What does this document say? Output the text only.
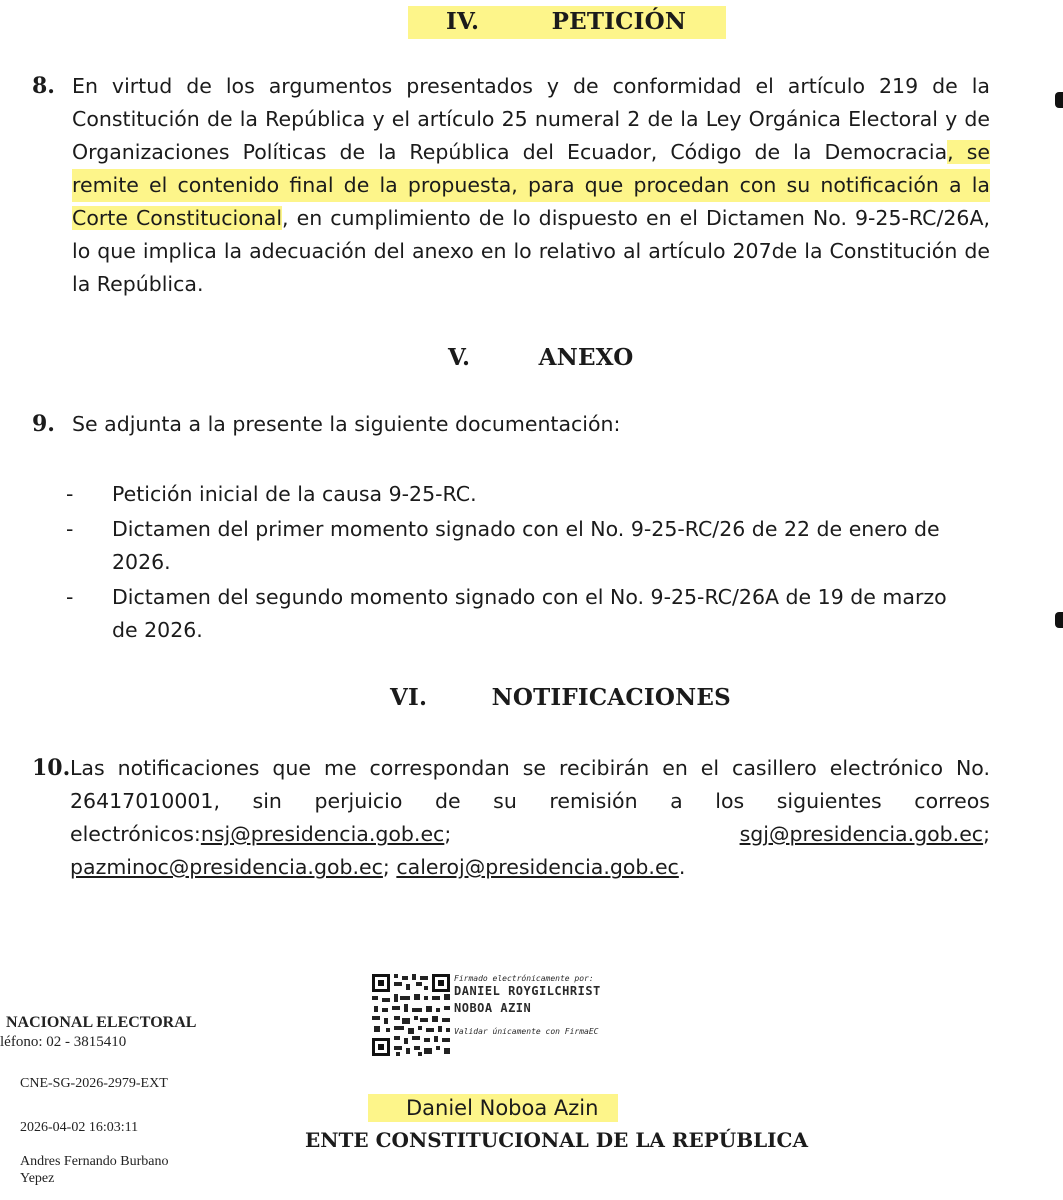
IV.	PETICIÓN
8. En virtud de los argumentos presentados y de conformidad el artículo 219 de la
Constitución de la República y el artículo 25 numeral 2 de la Ley Orgánica Electoral y de
Organizaciones Políticas de la República del Ecuador, Código de la Democracia, se
remite el contenido final de la propuesta, para que procedan con su notificación a la
Corte Constitucional, en cumplimiento de lo dispuesto en el Dictamen No. 9-25-RC/26A,
lo que implica la adecuación del anexo en lo relativo al artículo 207de la Constitución de
la República.
V.	ANEXO
9. Se adjunta a la presente la siguiente documentación:
- Petición inicial de la causa 9-25-RC.
- Dictamen del primer momento signado con el No. 9-25-RC/26 de 22 de enero de
2026.
- Dictamen del segundo momento signado con el No. 9-25-RC/26A de 19 de marzo
de 2026.
VI.	NOTIFICACIONES
10. Las notificaciones que me correspondan se recibirán en el casillero electrónico No.
26417010001, sin perjuicio de su remisión a los siguientes correos
electrónicos:nsj@presidencia.gob.ec;	sgj@presidencia.gob.ec;
pazminoc@presidencia.gob.ec; caleroj@presidencia.gob.ec.
NACIONAL ELECTORAL
léfono: 02 - 3815410
CNE-SG-2026-2979-EXT
2026-04-02 16:03:11
Andres Fernando Burbano
Yepez
Firmado electrónicamente por:
DANIEL ROYGILCHRIST
NOBOA AZIN
Validar únicamente con FirmaEC
Daniel Noboa Azin
ENTE CONSTITUCIONAL DE LA REPÚBLICA
